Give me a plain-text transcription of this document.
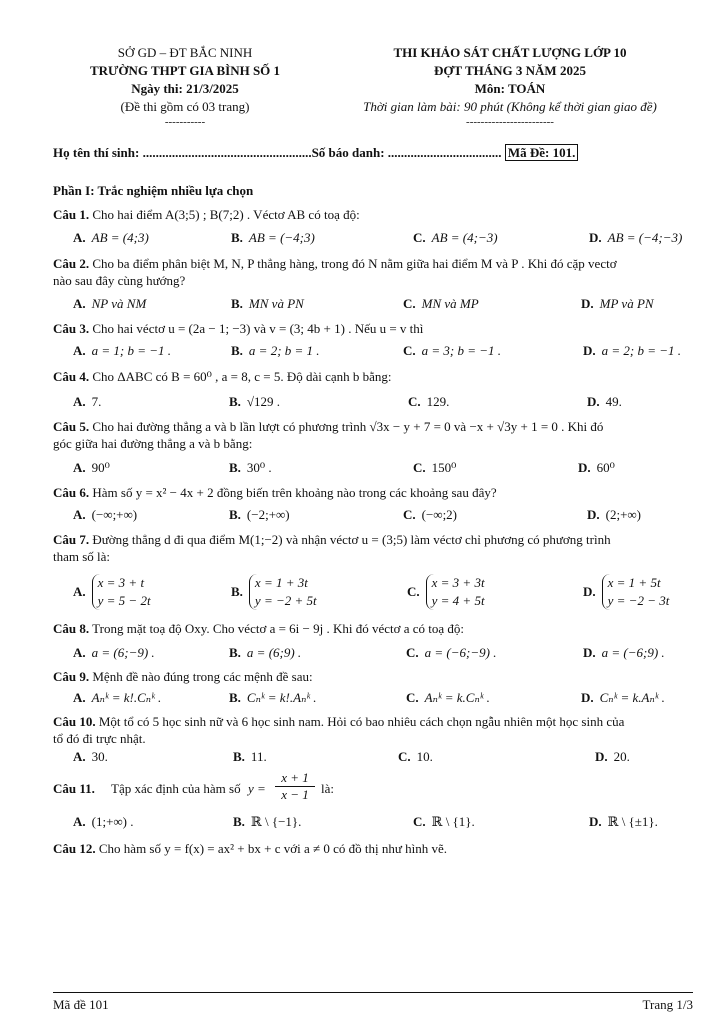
SỞ GD – ĐT BẮC NINH
TRƯỜNG THPT GIA BÌNH SỐ 1
Ngày thi: 21/3/2025
(Đề thi gồm có 03 trang)
-----------
THI KHẢO SÁT CHẤT LƯỢNG LỚP 10
ĐỢT THÁNG 3 NĂM 2025
Môn: TOÁN
Thời gian làm bài: 90 phút (Không kể thời gian giao đề)
------------------------
Họ tên thí sinh: ....................................................Số báo danh: ................................... Mã Đề: 101.
Phần I: Trắc nghiệm nhiều lựa chọn
Câu 1. Cho hai điểm A(3;5) ; B(7;2) . Véctơ AB có toạ độ:
A. AB = (4;3)	B. AB = (−4;3)	C. AB = (4;−3)	D. AB = (−4;−3)
Câu 2. Cho ba điểm phân biệt M, N, P thẳng hàng, trong đó N nằm giữa hai điểm M và P . Khi đó cặp vectơ
nào sau đây cùng hướng?
A. NP và NM	B. MN và PN	C. MN và MP	D. MP và PN
Câu 3. Cho hai véctơ u = (2a − 1; −3) và v = (3; 4b + 1) . Nếu u = v thì
A. a = 1; b = −1 .	B. a = 2; b = 1 .	C. a = 3; b = −1 .	D. a = 2; b = −1 .
Câu 4. Cho ΔABC có B = 60⁰ , a = 8, c = 5. Độ dài cạnh b bằng:
A. 7.	B. √129 .	C. 129.	D. 49.
Câu 5. Cho hai đường thẳng a và b lần lượt có phương trình √3x − y + 7 = 0 và −x + √3y + 1 = 0 . Khi đó
góc giữa hai đường thẳng a và b bằng:
A. 90⁰	B. 30⁰ .	C. 150⁰	D. 60⁰
Câu 6. Hàm số y = x² − 4x + 2 đồng biến trên khoảng nào trong các khoảng sau đây?
A. (−∞;+∞)	B. (−2;+∞)	C. (−∞;2)	D. (2;+∞)
Câu 7. Đường thẳng d đi qua điểm M(1;−2) và nhận véctơ u = (3;5) làm véctơ chỉ phương có phương trình
tham số là:
A.x = 3 + t
y = 5 − 2t
B.x = 1 + 3t
y = −2 + 5t
C.x = 3 + 3t
y = 4 + 5t
D.x = 1 + 5t
y = −2 − 3t
Câu 8. Trong mặt toạ độ Oxy. Cho véctơ a = 6i − 9j . Khi đó véctơ a có toạ độ:
A. a = (6;−9) .	B. a = (6;9) .	C. a = (−6;−9) .	D. a = (−6;9) .
Câu 9. Mệnh đề nào đúng trong các mệnh đề sau:
A. Aₙᵏ = k!.Cₙᵏ .	B. Cₙᵏ = k!.Aₙᵏ .	C. Aₙᵏ = k.Cₙᵏ .	D. Cₙᵏ = k.Aₙᵏ .
Câu 10. Một tổ có 5 học sinh nữ và 6 học sinh nam. Hỏi có bao nhiêu cách chọn ngẫu nhiên một học sinh của
tổ đó đi trực nhật.
A. 30.	B. 11.	C. 10.	D. 20.
Câu 11. Tập xác định của hàm số $y = \frac{x + 1}{x - 1}$ là:
A. (1;+∞) .	B. ℝ \ {−1}.	C. ℝ \ {1}.	D. ℝ \ {±1}.
Câu 12. Cho hàm số y = f(x) = ax² + bx + c với a ≠ 0 có đồ thị như hình vẽ.
Mã đề 101	Trang 1/3
